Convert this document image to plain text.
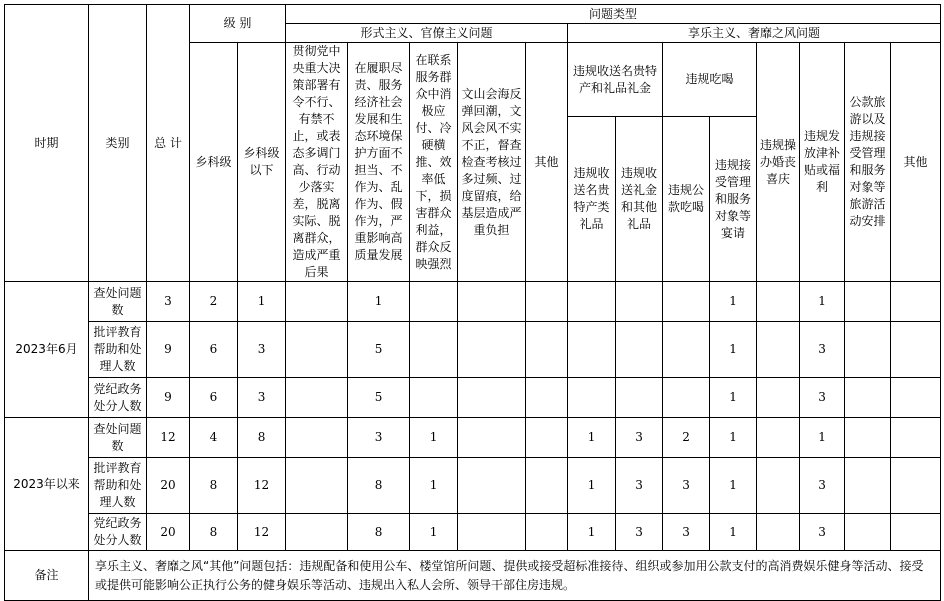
时期	类别	总 计	级 别		问题类型												
					形式主义、官僚主义问题					享乐主义、奢靡之风问题							
			乡科级	乡科级以下	贯彻党中央重大决策部署有令不行、有禁不止，或表态多调门高、行动少落实差，脱离实际、脱离群众，造成严重后果	在履职尽责、服务经济社会发展和生态环境保护方面不担当、不作为、乱作为、假作为，严重影响高质量发展	在联系服务群众中消极应付、冷硬横推、效率低下，损害群众利益，群众反映强烈	文山会海反弹回潮，文风会风不实不正，督查检查考核过多过频、过度留痕，给基层造成严重负担	其他	违规收送名贵特产和礼品礼金		违规吃喝		违规操办婚丧喜庆	违规发放津补贴或福利	公款旅游以及违规接受管理和服务对象等旅游活动安排	其他
										违规收送名贵特产类礼品	违规收送礼金和其他礼品	违规公款吃喝	违规接受管理和服务对象等宴请				
2023年6月	查处问题数	3	2	1		1							1		1		
	批评教育帮助和处理人数	9	6	3		5							1		3		
	党纪政务处分人数	9	6	3		5							1		3		
2023年以来	查处问题数	12	4	8		3	1			1	3	2	1		1		
	批评教育帮助和处理人数	20	8	12		8	1			1	3	3	1		3		
	党纪政务处分人数	20	8	12		8	1			1	3	3	1		3		
备注	享乐主义、奢靡之风“其他”问题包括：违规配备和使用公车、楼堂馆所问题、提供或接受超标准接待、组织或参加用公款支付的高消费娱乐健身等活动、接受或提供可能影响公正执行公务的健身娱乐等活动、违规出入私人会所、领导干部住房违规。																
